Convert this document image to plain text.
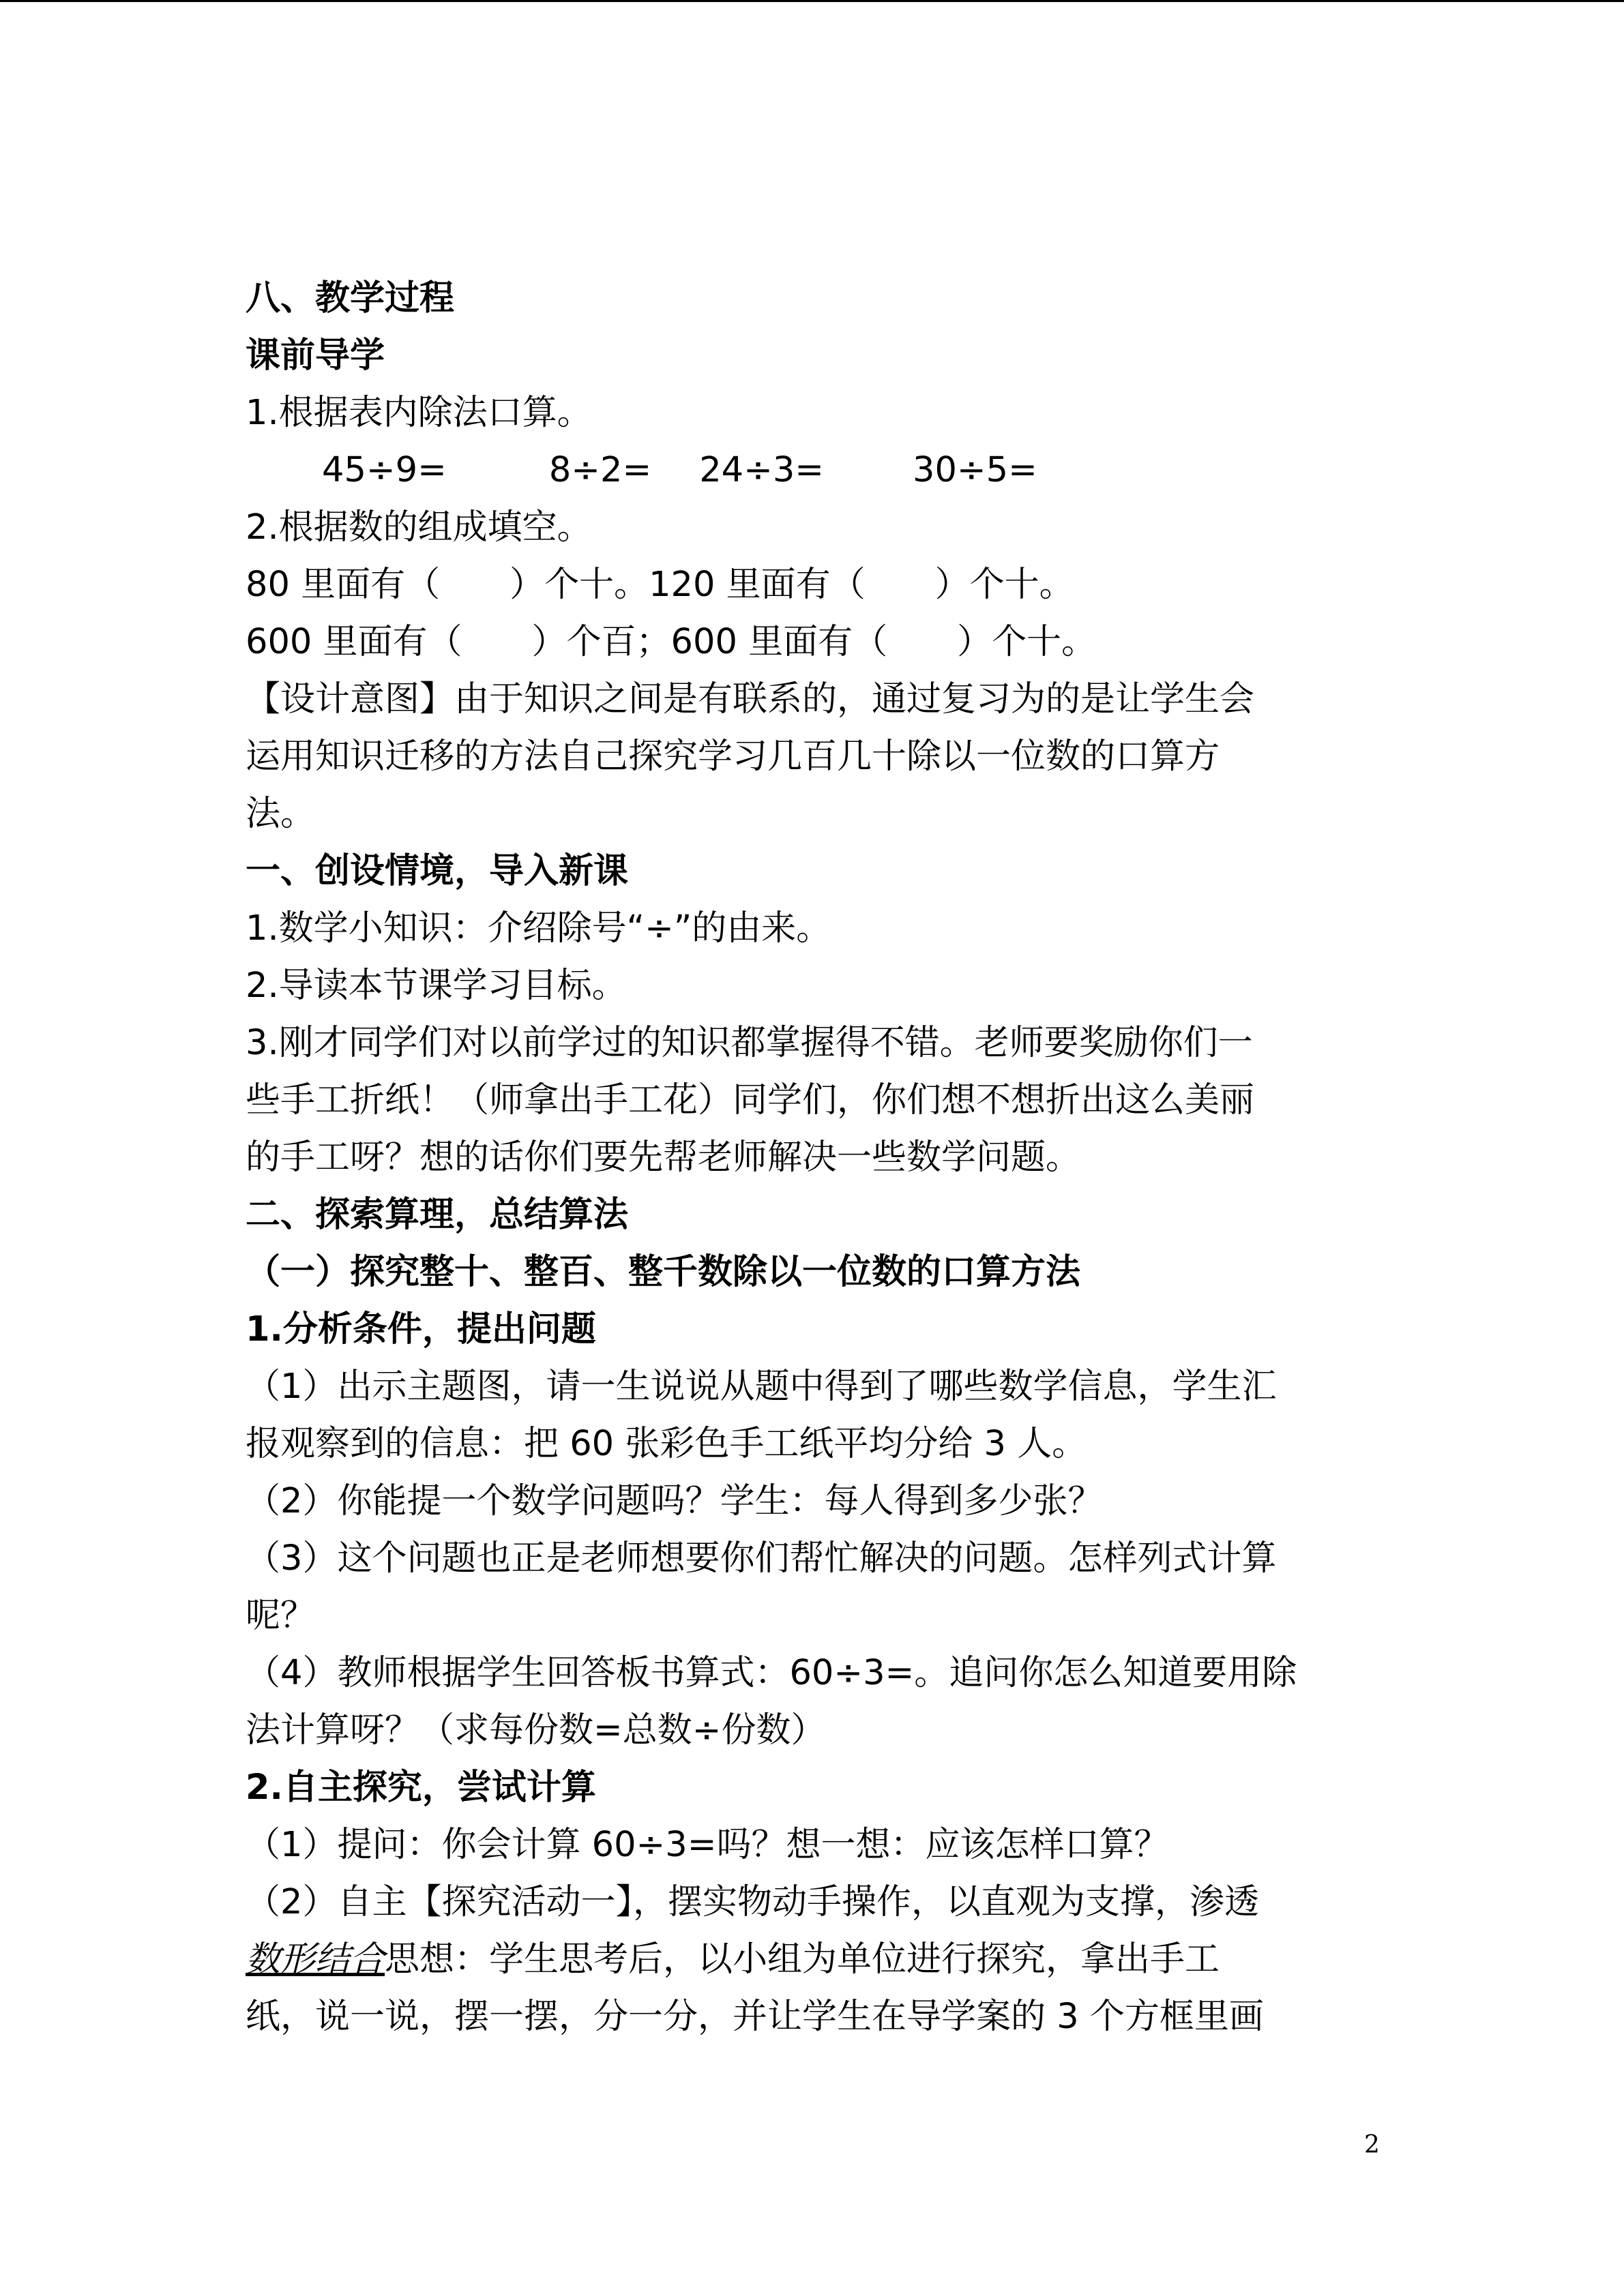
八、教学过程
课前导学
1.根据表内除法口算。
45÷9=	8÷2= 24÷3=	30÷5=
2.根据数的组成填空。
80 里面有（　　）个十。120 里面有（　　）个十。
600 里面有（　　）个百；600 里面有（　　）个十。
【设计意图】由于知识之间是有联系的，通过复习为的是让学生会
运用知识迁移的方法自己探究学习几百几十除以一位数的口算方
法。
一、创设情境，导入新课
1.数学小知识：介绍除号“÷”的由来。
2.导读本节课学习目标。
3.刚才同学们对以前学过的知识都掌握得不错。老师要奖励你们一
些手工折纸！（师拿出手工花）同学们，你们想不想折出这么美丽
的手工呀？想的话你们要先帮老师解决一些数学问题。
二、探索算理，总结算法
（一）探究整十、整百、整千数除以一位数的口算方法
1.分析条件，提出问题
（1）出示主题图，请一生说说从题中得到了哪些数学信息，学生汇
报观察到的信息：把 60 张彩色手工纸平均分给 3 人。
（2）你能提一个数学问题吗？学生：每人得到多少张？
（3）这个问题也正是老师想要你们帮忙解决的问题。怎样列式计算
呢？
（4）教师根据学生回答板书算式：60÷3=。追问你怎么知道要用除
法计算呀？（求每份数=总数÷份数）
2.自主探究，尝试计算
（1）提问：你会计算 60÷3=吗？想一想：应该怎样口算？
（2）自主【探究活动一】，摆实物动手操作，以直观为支撑，渗透
数形结合思想：学生思考后，以小组为单位进行探究，拿出手工
纸，说一说，摆一摆，分一分，并让学生在导学案的 3 个方框里画
2
